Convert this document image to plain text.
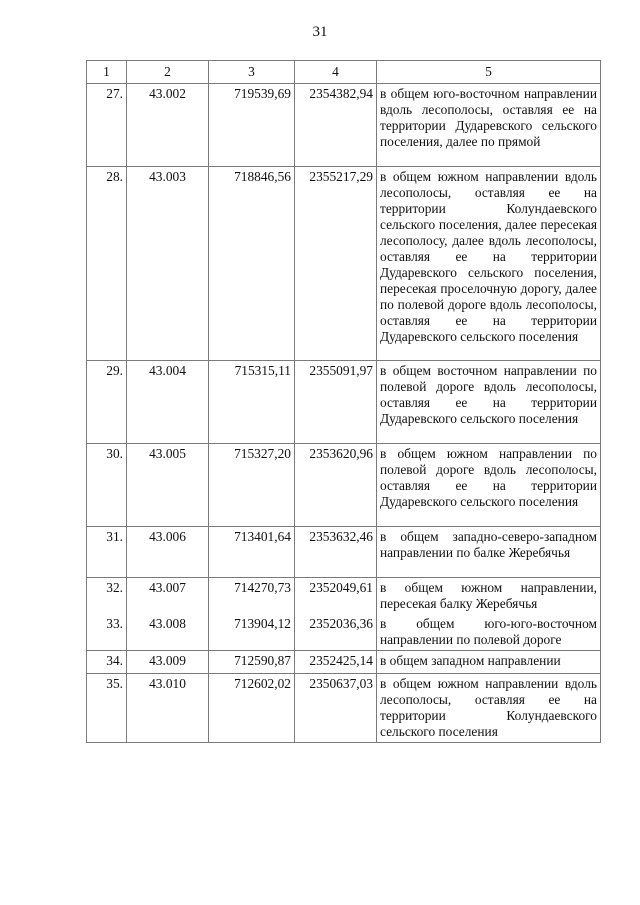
31
1	2	3	4	5
27.	43.002	719539,69	2354382,94	в общем юго-восточном направлении вдоль лесополосы, оставляя ее на территории Дударевского сельского поселения, далее по прямой
28.	43.003	718846,56	2355217,29	в общем южном направлении вдоль лесополосы, оставляя ее на территории Колундаевского сельского поселения, далее пересекая лесополосу, далее вдоль лесополосы, оставляя ее на территории Дударевского сельского поселения, пересекая проселочную дорогу, далее по полевой дороге вдоль лесополосы, оставляя ее на территории Дударевского сельского поселения
29.	43.004	715315,11	2355091,97	в общем восточном направлении по полевой дороге вдоль лесополосы, оставляя ее на территории Дударевского сельского поселения
30.	43.005	715327,20	2353620,96	в общем южном направлении по полевой дороге вдоль лесополосы, оставляя ее на территории Дударевского сельского поселения
31.	43.006	713401,64	2353632,46	в общем западно-северо-западном направлении по балке Жеребячья
32.	43.007	714270,73	2352049,61	в общем южном направлении, пересекая балку Жеребячья
33.	43.008	713904,12	2352036,36	в общем юго-юго-восточном направлении по полевой дороге
34.	43.009	712590,87	2352425,14	в общем западном направлении
35.	43.010	712602,02	2350637,03	в общем южном направлении вдоль лесополосы, оставляя ее на территории Колундаевского сельского поселения
